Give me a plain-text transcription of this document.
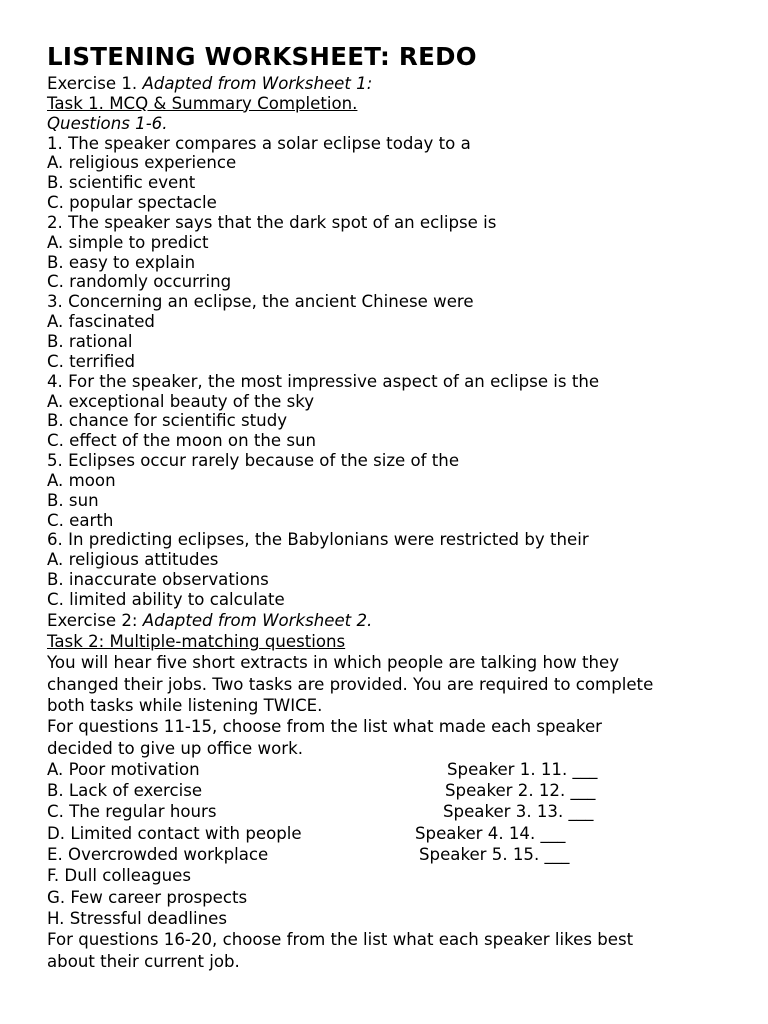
LISTENING WORKSHEET: REDO
Exercise 1. Adapted from Worksheet 1:
Task 1. MCQ & Summary Completion.
Questions 1-6.
1. The speaker compares a solar eclipse today to a
A. religious experience
B. scientific event
C. popular spectacle
2. The speaker says that the dark spot of an eclipse is
A. simple to predict
B. easy to explain
C. randomly occurring
3. Concerning an eclipse, the ancient Chinese were
A. fascinated
B. rational
C. terrified
4. For the speaker, the most impressive aspect of an eclipse is the
A. exceptional beauty of the sky
B. chance for scientific study
C. effect of the moon on the sun
5. Eclipses occur rarely because of the size of the
A. moon
B. sun
C. earth
6. In predicting eclipses, the Babylonians were restricted by their
A. religious attitudes
B. inaccurate observations
C. limited ability to calculate
Exercise 2: Adapted from Worksheet 2.
Task 2: Multiple-matching questions
You will hear five short extracts in which people are talking how they
changed their jobs. Two tasks are provided. You are required to complete
both tasks while listening TWICE.
For questions 11-15, choose from the list what made each speaker
decided to give up office work.
A. Poor motivation	Speaker 1. 11. ___
B. Lack of exercise	Speaker 2. 12. ___
C. The regular hours	Speaker 3. 13. ___
D. Limited contact with people	Speaker 4. 14. ___
E. Overcrowded workplace	Speaker 5. 15. ___
F. Dull colleagues
G. Few career prospects
H. Stressful deadlines
For questions 16-20, choose from the list what each speaker likes best
about their current job.
